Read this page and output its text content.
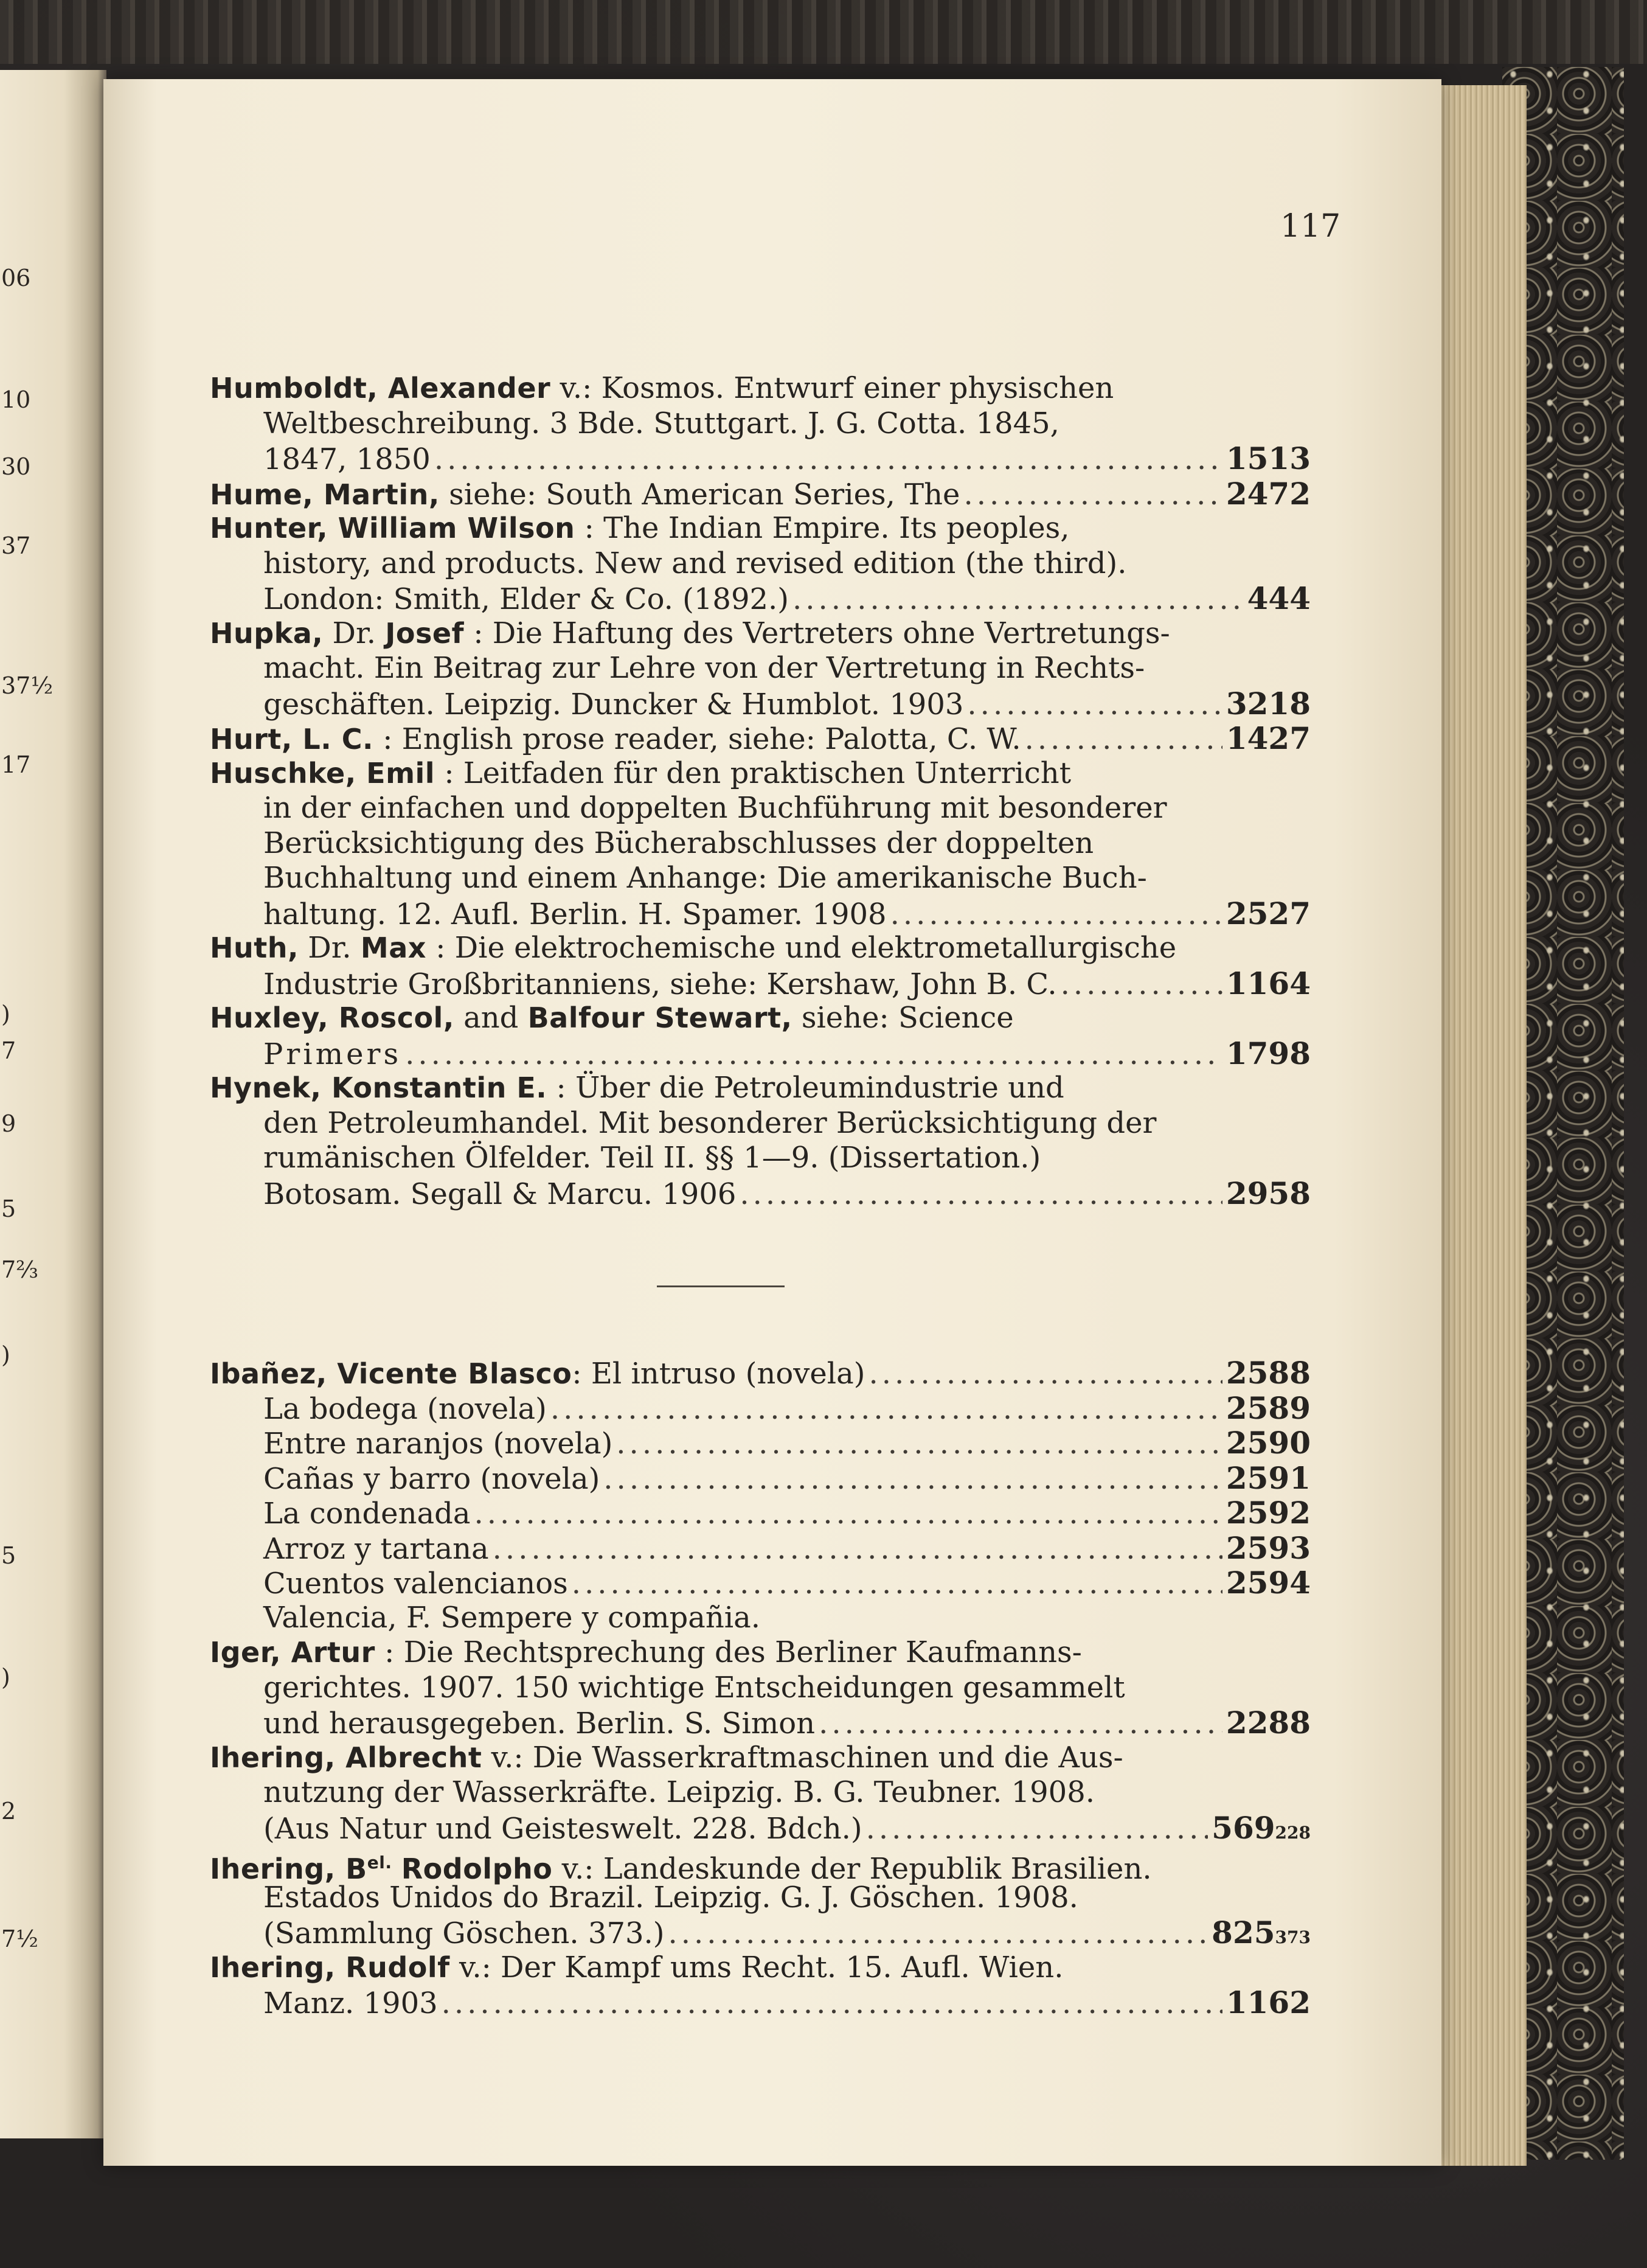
06
10
30
37
37½
17
)
7
9
5
7⅔
)
5
)
2
7½
117
Humboldt, Alexander v.: Kosmos. Entwurf einer physischen
Weltbeschreibung. 3 Bde. Stuttgart. J. G. Cotta. 1845,
1847, 1850 .....	1513
Hume, Martin, siehe: South American Series, The .....	2472
Hunter, William Wilson : The Indian Empire. Its peoples,
history, and products. New and revised edition (the third).
London: Smith, Elder & Co. (1892.) .....	444
Hupka, Dr. Josef : Die Haftung des Vertreters ohne Vertretungs-
macht. Ein Beitrag zur Lehre von der Vertretung in Rechts-
geschäften. Leipzig. Duncker & Humblot. 1903 .....	3218
Hurt, L. C. : English prose reader, siehe: Palotta, C. W. .....	1427
Huschke, Emil : Leitfaden für den praktischen Unterricht
in der einfachen und doppelten Buchführung mit besonderer
Berücksichtigung des Bücherabschlusses der doppelten
Buchhaltung und einem Anhange: Die amerikanische Buch-
haltung. 12. Aufl. Berlin. H. Spamer. 1908 .....	2527
Huth, Dr. Max : Die elektrochemische und elektrometallurgische
Industrie Großbritanniens, siehe: Kershaw, John B. C. .....	1164
Huxley, Roscol, and Balfour Stewart, siehe: Science
Primers .....	1798
Hynek, Konstantin E. : Über die Petroleumindustrie und
den Petroleumhandel. Mit besonderer Berücksichtigung der
rumänischen Ölfelder. Teil II. §§ 1—9. (Dissertation.)
Botosam. Segall & Marcu. 1906 .....	2958
Ibañez, Vicente Blasco: El intruso (novela) .....	2588
La bodega (novela) .....	2589
Entre naranjos (novela) .....	2590
Cañas y barro (novela) .....	2591
La condenada .....	2592
Arroz y tartana .....	2593
Cuentos valencianos .....	2594
Valencia, F. Sempere y compañia.
Iger, Artur : Die Rechtsprechung des Berliner Kaufmanns-
gerichtes. 1907. 150 wichtige Entscheidungen gesammelt
und herausgegeben. Berlin. S. Simon .....	2288
Ihering, Albrecht v.: Die Wasserkraftmaschinen und die Aus-
nutzung der Wasserkräfte. Leipzig. B. G. Teubner. 1908.
(Aus Natur und Geisteswelt. 228. Bdch.) .....	569228
Ihering, $B^{el.}$ Rodolpho v.: Landeskunde der Republik Brasilien.
Estados Unidos do Brazil. Leipzig. G. J. Göschen. 1908.
(Sammlung Göschen. 373.) .....	825373
Ihering, Rudolf v.: Der Kampf ums Recht. 15. Aufl. Wien.
Manz. 1903 .....	1162
